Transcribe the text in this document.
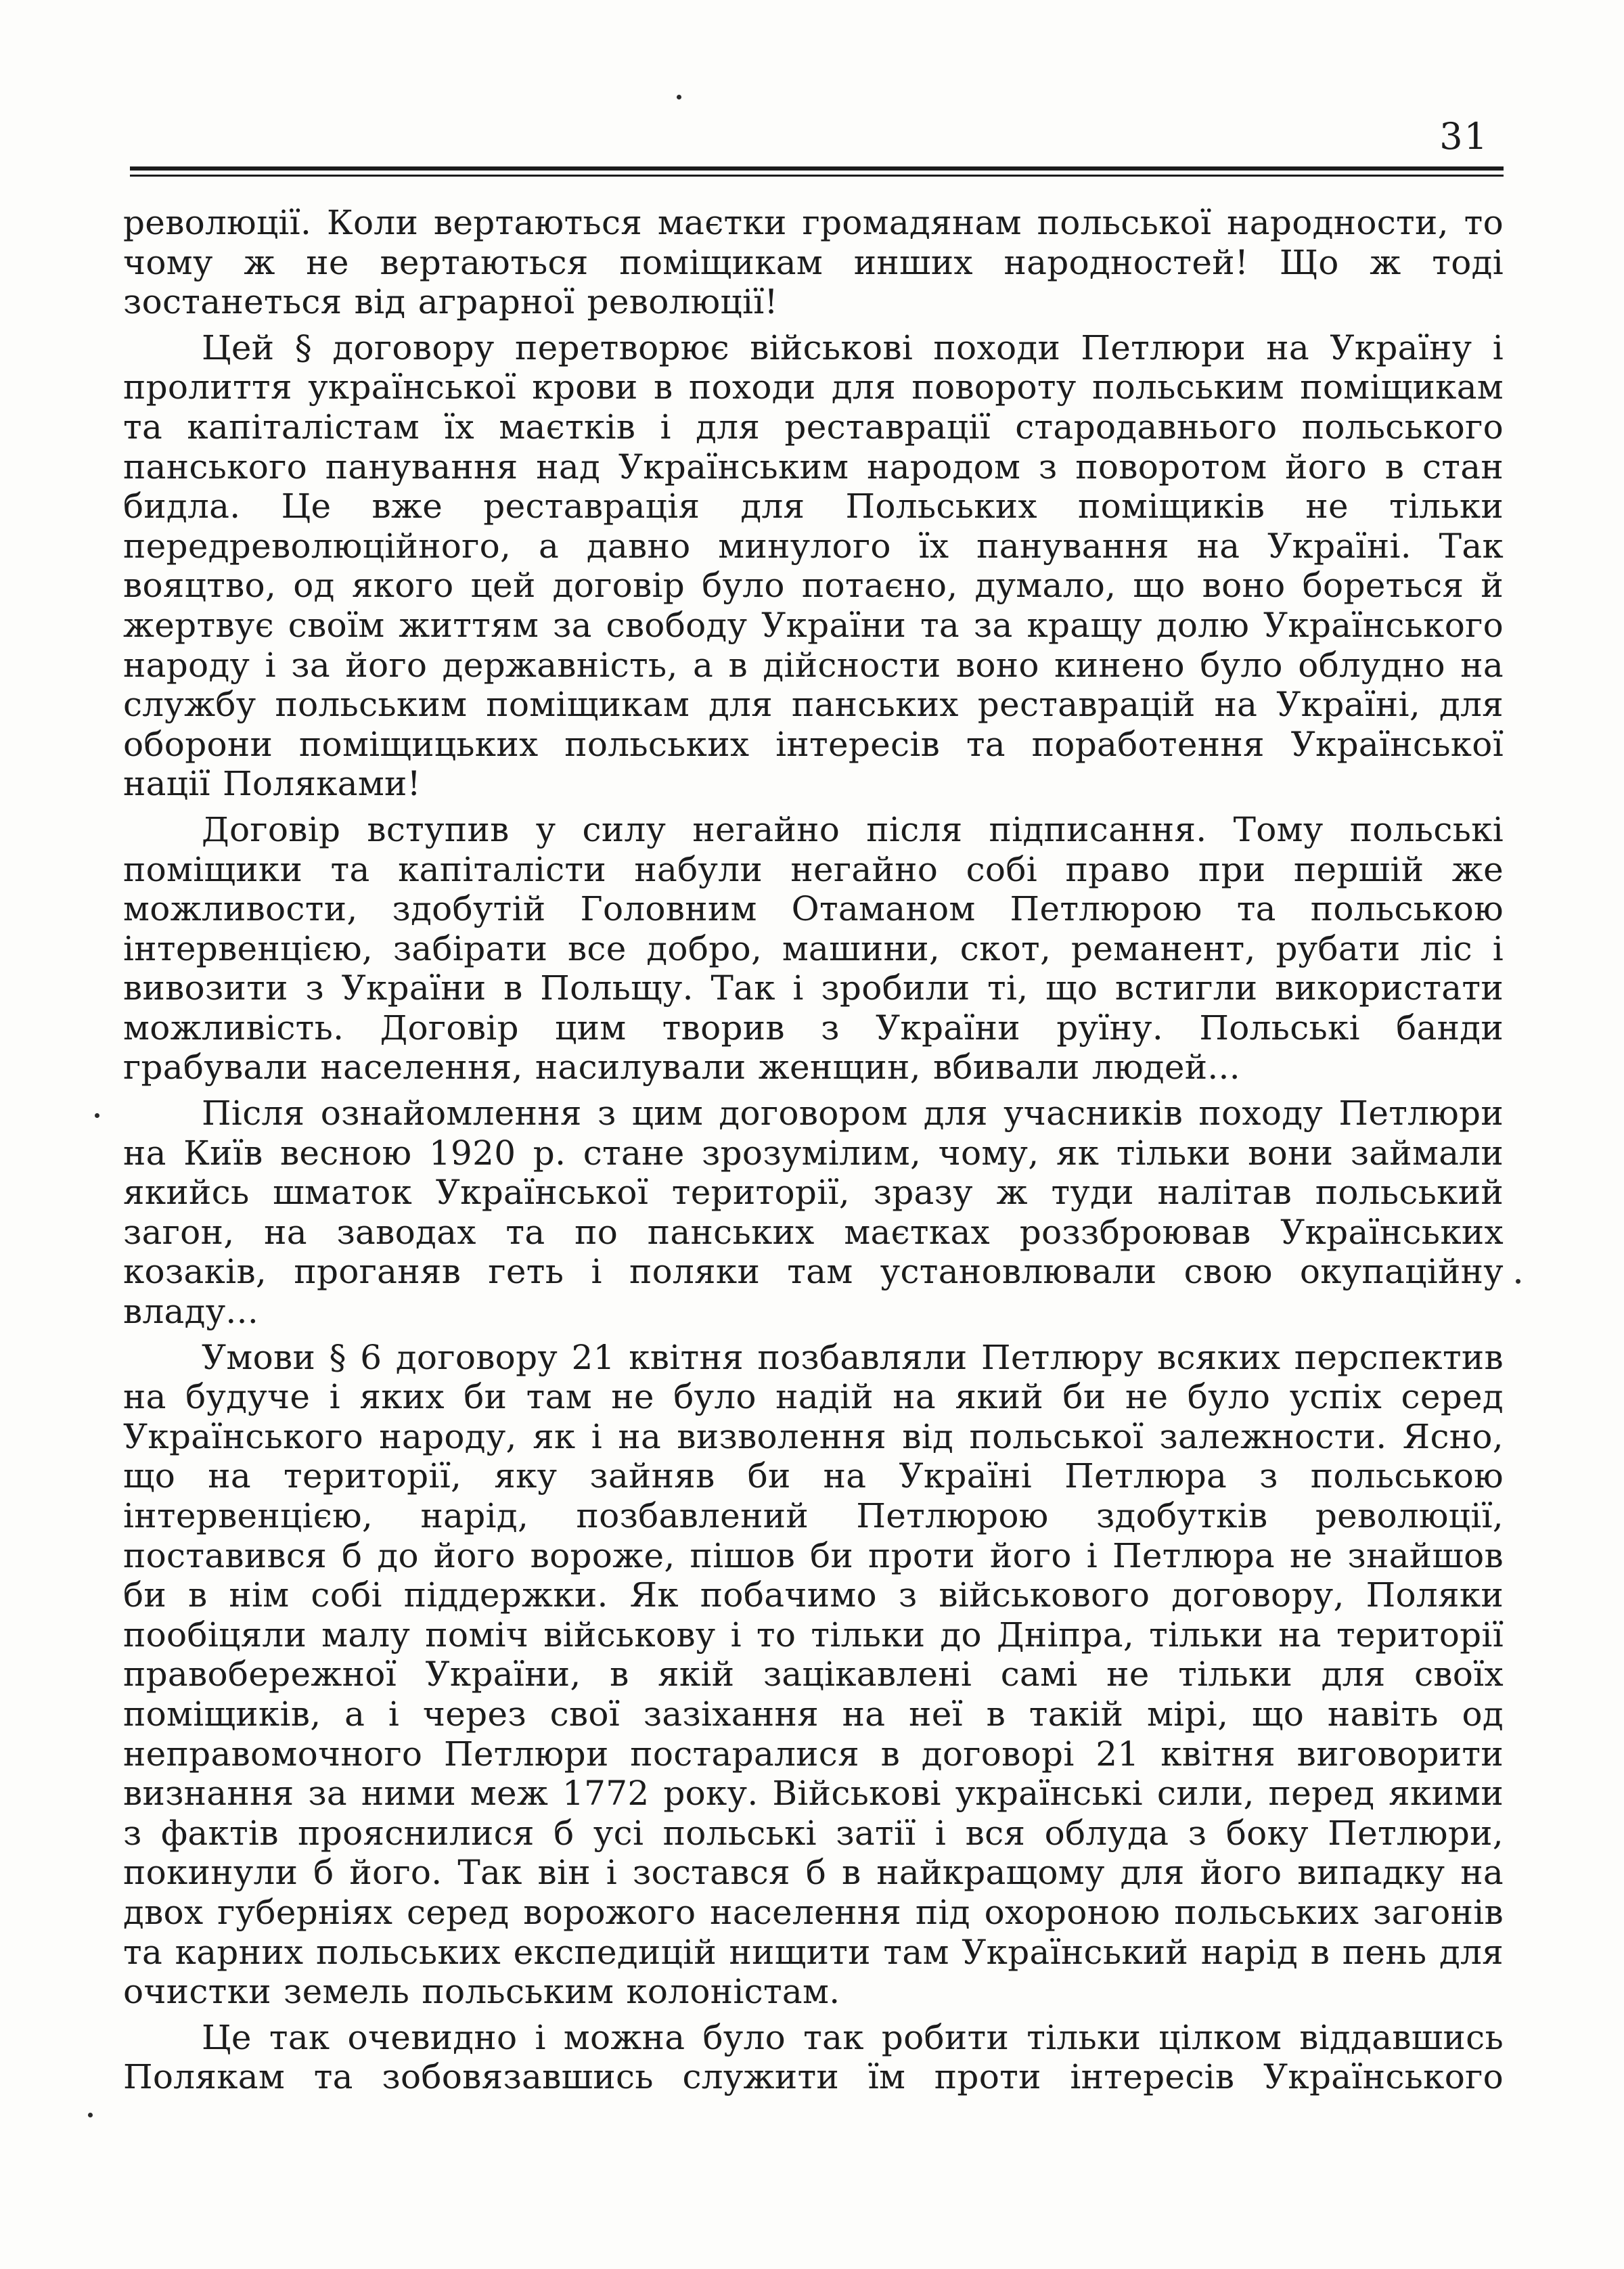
31

революції. Коли вертаються маєтки громадянам польської народности, то чому ж не вертаються поміщикам инших народностей! Що ж тоді зостанеться від аграрної революції!

Цей § договору перетворює військові походи Петлюри на Україну і пролиття української крови в походи для повороту польським поміщикам та капіталістам їх маєтків і для реставрації стародавнього польського панського панування над Українським народом з поворотом його в стан бидла. Це вже реставрація для Польських поміщиків не тільки передреволюційного, а давно минулого їх панування на Україні. Так вояцтво, од якого цей договір було потаєно, думало, що воно бореться й жертвує своїм життям за свободу України та за кращу долю Українського народу і за його державність, а в дійсности воно кинено було облудно на службу польським поміщикам для панських реставрацій на Україні, для оборони поміщицьких польських інтересів та поработення Української нації Поляками!

Договір вступив у силу негайно після підписання. Тому польські поміщики та капіталісти набули негайно собі право при першій же можливости, здобутій Головним Отаманом Петлюрою та польською інтервенцією, забірати все добро, машини, скот, реманент, рубати ліс і вивозити з України в Польщу. Так і зробили ті, що встигли використати можливість. Договір цим творив з України руїну. Польські банди грабували населення, насилували женщин, вбивали людей...

Після ознайомлення з цим договором для учасників походу Петлюри на Київ весною 1920 р. стане зрозумілим, чому, як тільки вони займали якийсь шматок Української території, зразу ж туди налітав польський загон, на заводах та по панських маєтках роззброював Українських козаків, проганяв геть і поляки там установлювали свою окупаційну владу...

Умови § 6 договору 21 квітня позбавляли Петлюру всяких перспектив на будуче і яких би там не було надій на який би не було успіх серед Українського народу, як і на визволення від польської залежности. Ясно, що на території, яку зайняв би на Україні Петлюра з польською інтервенцією, нарід, позбавлений Петлюрою здобутків революції, поставився б до його вороже, пішов би проти його і Петлюра не знайшов би в нім собі піддержки. Як побачимо з військового договору, Поляки пообіцяли малу поміч військову і то тільки до Дніпра, тільки на території правобережної України, в якій зацікавлені самі не тільки для своїх поміщиків, а і через свої зазіхання на неї в такій мірі, що навіть од неправомочного Петлюри постаралися в договорі 21 квітня виговорити визнання за ними меж 1772 року. Військові українські сили, перед якими з фактів прояснилися б усі польські затії і вся облуда з боку Петлюри, покинули б його. Так він і зостався б в найкращому для його випадку на двох губерніях серед ворожого населення під охороною польських загонів та карних польських експедицій нищити там Український нарід в пень для очистки земель польським колоністам.

Це так очевидно і можна було так робити тільки цілком віддавшись Полякам та зобовязавшись служити їм проти інтересів Українського
